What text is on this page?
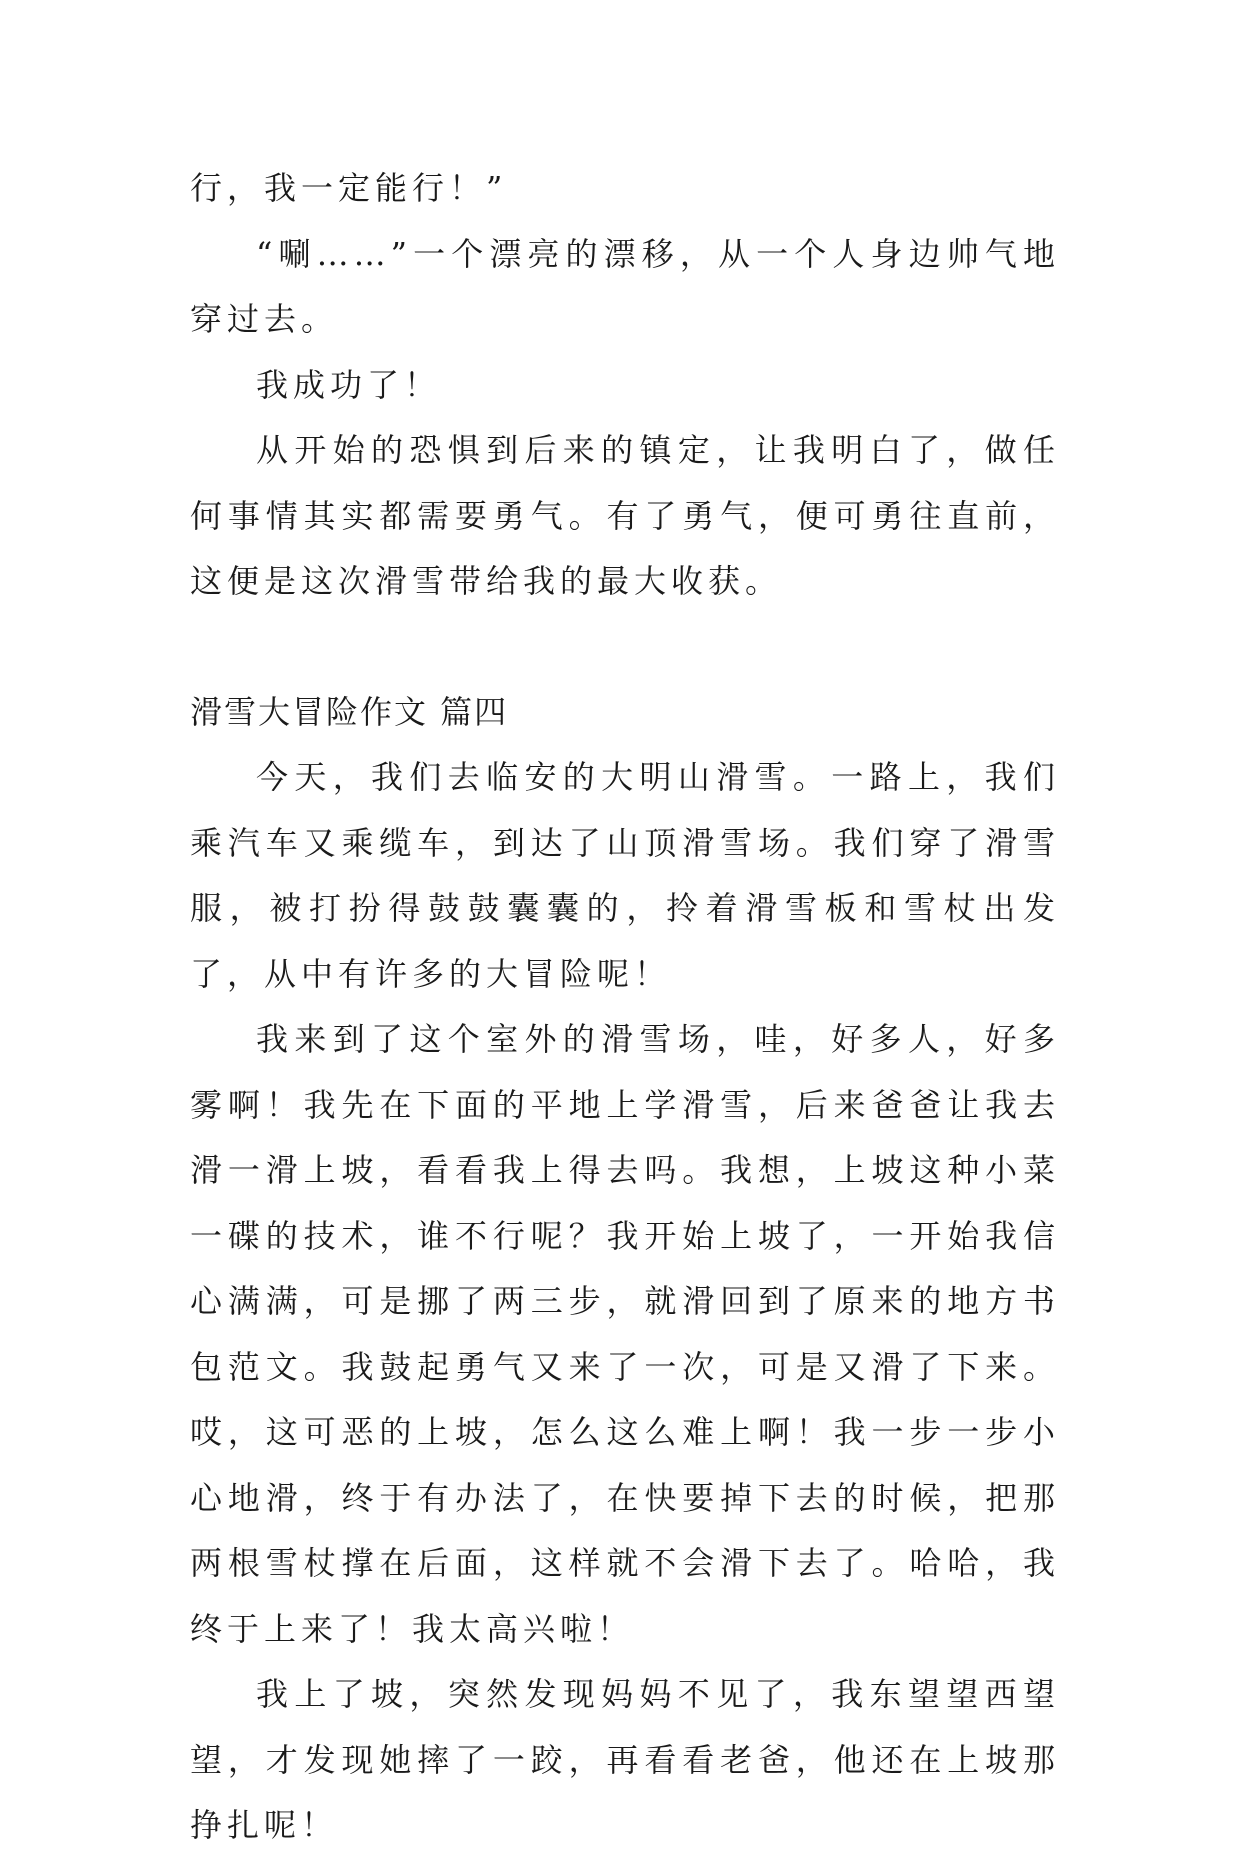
行，我一定能行！”

“唰……”一个漂亮的漂移，从一个人身边帅气地穿过去。

我成功了！

从开始的恐惧到后来的镇定，让我明白了，做任何事情其实都需要勇气。有了勇气，便可勇往直前，这便是这次滑雪带给我的最大收获。

滑雪大冒险作文 篇四

今天，我们去临安的大明山滑雪。一路上，我们乘汽车又乘缆车，到达了山顶滑雪场。我们穿了滑雪服，被打扮得鼓鼓囊囊的，拎着滑雪板和雪杖出发了，从中有许多的大冒险呢！

我来到了这个室外的滑雪场，哇，好多人，好多雾啊！我先在下面的平地上学滑雪，后来爸爸让我去滑一滑上坡，看看我上得去吗。我想，上坡这种小菜一碟的技术，谁不行呢？我开始上坡了，一开始我信心满满，可是挪了两三步，就滑回到了原来的地方书包范文。我鼓起勇气又来了一次，可是又滑了下来。哎，这可恶的上坡，怎么这么难上啊！我一步一步小心地滑，终于有办法了，在快要掉下去的时候，把那两根雪杖撑在后面，这样就不会滑下去了。哈哈，我终于上来了！我太高兴啦！

我上了坡，突然发现妈妈不见了，我东望望西望望，才发现她摔了一跤，再看看老爸，他还在上坡那挣扎呢！
